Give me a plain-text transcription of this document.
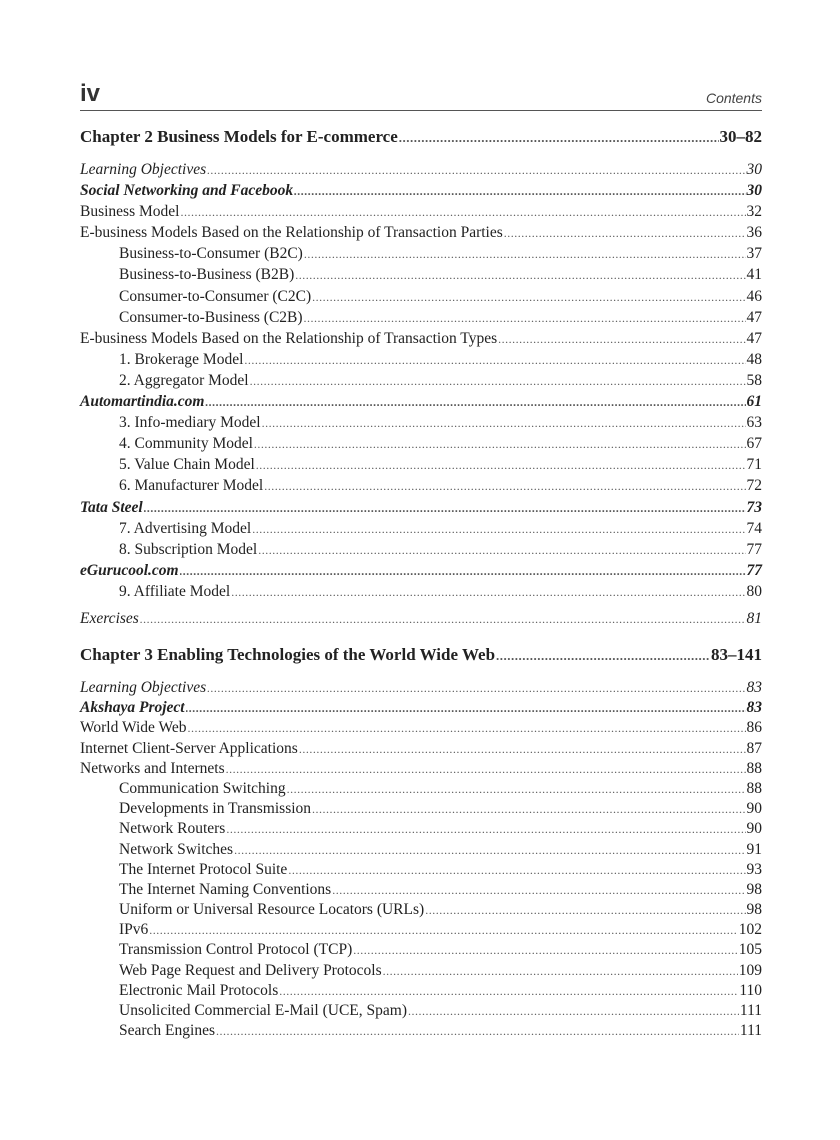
iv	Contents
Chapter 2 Business Models for E-commerce .....	30–82
Learning Objectives .....	30
Social Networking and Facebook .....	30
Business Model .....	32
E-business Models Based on the Relationship of Transaction Parties .....	36
Business-to-Consumer (B2C) .....	37
Business-to-Business (B2B) .....	41
Consumer-to-Consumer (C2C) .....	46
Consumer-to-Business (C2B) .....	47
E-business Models Based on the Relationship of Transaction Types .....	47
1. Brokerage Model .....	48
2. Aggregator Model .....	58
Automartindia.com .....	61
3. Info-mediary Model .....	63
4. Community Model .....	67
5. Value Chain Model .....	71
6. Manufacturer Model .....	72
Tata Steel .....	73
7. Advertising Model .....	74
8. Subscription Model .....	77
eGurucool.com .....	77
9. Affiliate Model .....	80
Exercises .....	81
Chapter 3 Enabling Technologies of the World Wide Web .....	83–141
Learning Objectives .....	83
Akshaya Project .....	83
World Wide Web .....	86
Internet Client-Server Applications .....	87
Networks and Internets .....	88
Communication Switching .....	88
Developments in Transmission .....	90
Network Routers .....	90
Network Switches .....	91
The Internet Protocol Suite .....	93
The Internet Naming Conventions .....	98
Uniform or Universal Resource Locators (URLs) .....	98
IPv6 .....	102
Transmission Control Protocol (TCP) .....	105
Web Page Request and Delivery Protocols .....	109
Electronic Mail Protocols .....	110
Unsolicited Commercial E-Mail (UCE, Spam) .....	111
Search Engines .....	111
